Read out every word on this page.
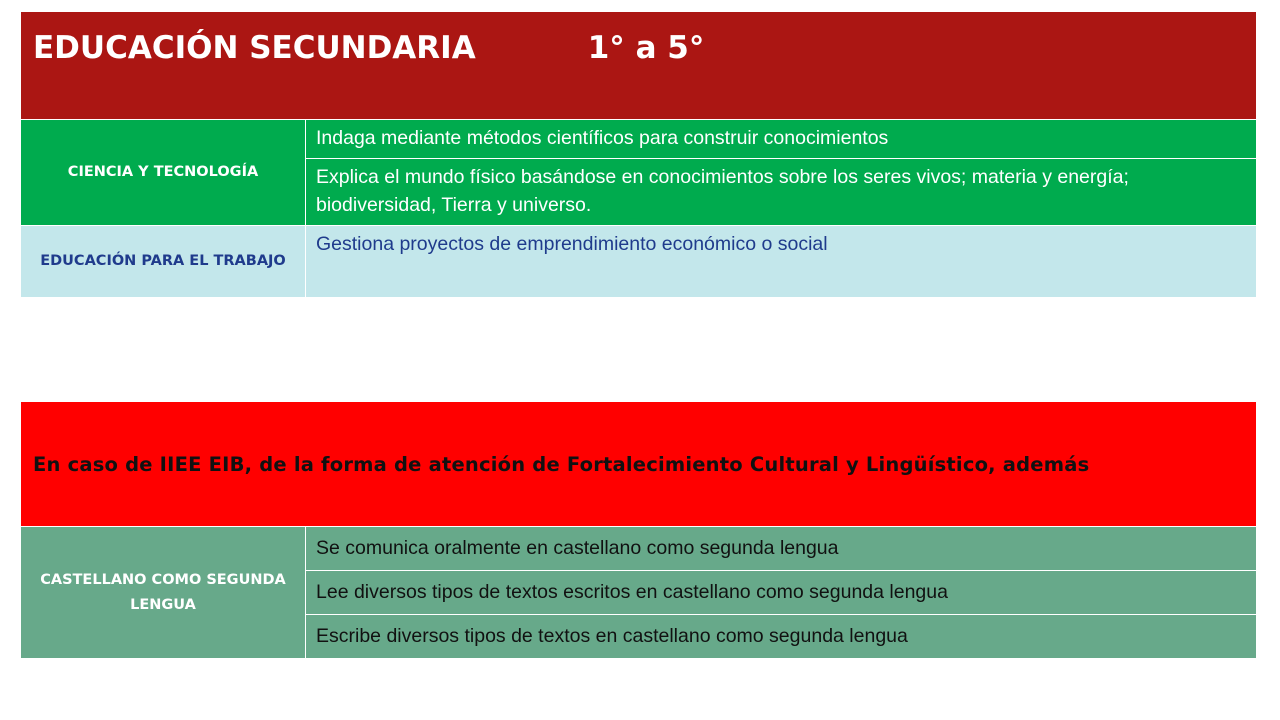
EDUCACIÓN SECUNDARIA 1° a 5°	
CIENCIA Y TECNOLOGÍA	Indaga mediante métodos científicos para construir conocimientos
	Explica el mundo físico basándose en conocimientos sobre los seres vivos; materia y energía; biodiversidad, Tierra y universo.
EDUCACIÓN PARA EL TRABAJO	Gestiona proyectos de emprendimiento económico o social
En caso de IIEE EIB, de la forma de atención de Fortalecimiento Cultural y Lingüístico, además
CASTELLANO COMO SEGUNDA LENGUA	Se comunica oralmente en castellano como segunda lengua
Lee diversos tipos de textos escritos en castellano como segunda lengua
Escribe diversos tipos de textos en castellano como segunda lengua
